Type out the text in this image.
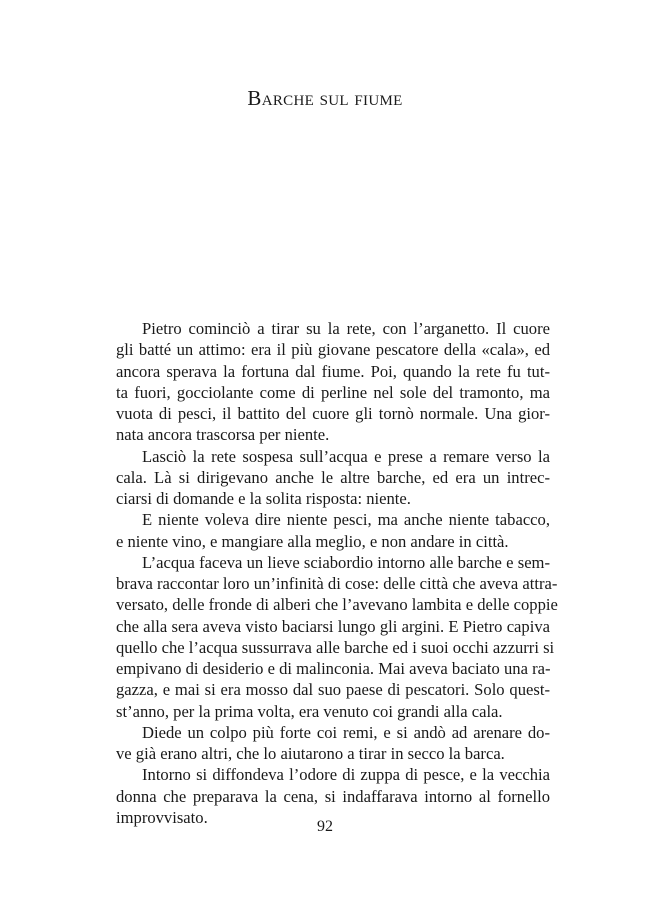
Barche sul fiume
Pietro cominciò a tirar su la rete, con l’arganetto. Il cuore
gli batté un attimo: era il più giovane pescatore della «cala», ed
ancora sperava la fortuna dal fiume. Poi, quando la rete fu tut-
ta fuori, gocciolante come di perline nel sole del tramonto, ma
vuota di pesci, il battito del cuore gli tornò normale. Una gior-
nata ancora trascorsa per niente.
Lasciò la rete sospesa sull’acqua e prese a remare verso la
cala. Là si dirigevano anche le altre barche, ed era un intrec-
ciarsi di domande e la solita risposta: niente.
E niente voleva dire niente pesci, ma anche niente tabacco,
e niente vino, e mangiare alla meglio, e non andare in città.
L’acqua faceva un lieve sciabordio intorno alle barche e sem-
brava raccontar loro un’infinità di cose: delle città che aveva attra-
versato, delle fronde di alberi che l’avevano lambita e delle coppie
che alla sera aveva visto baciarsi lungo gli argini. E Pietro capiva
quello che l’acqua sussurrava alle barche ed i suoi occhi azzurri si
empivano di desiderio e di malinconia. Mai aveva baciato una ra-
gazza, e mai si era mosso dal suo paese di pescatori. Solo quest-
st’anno, per la prima volta, era venuto coi grandi alla cala.
Diede un colpo più forte coi remi, e si andò ad arenare do-
ve già erano altri, che lo aiutarono a tirar in secco la barca.
Intorno si diffondeva l’odore di zuppa di pesce, e la vecchia
donna che preparava la cena, si indaffarava intorno al fornello
improvvisato.	92
